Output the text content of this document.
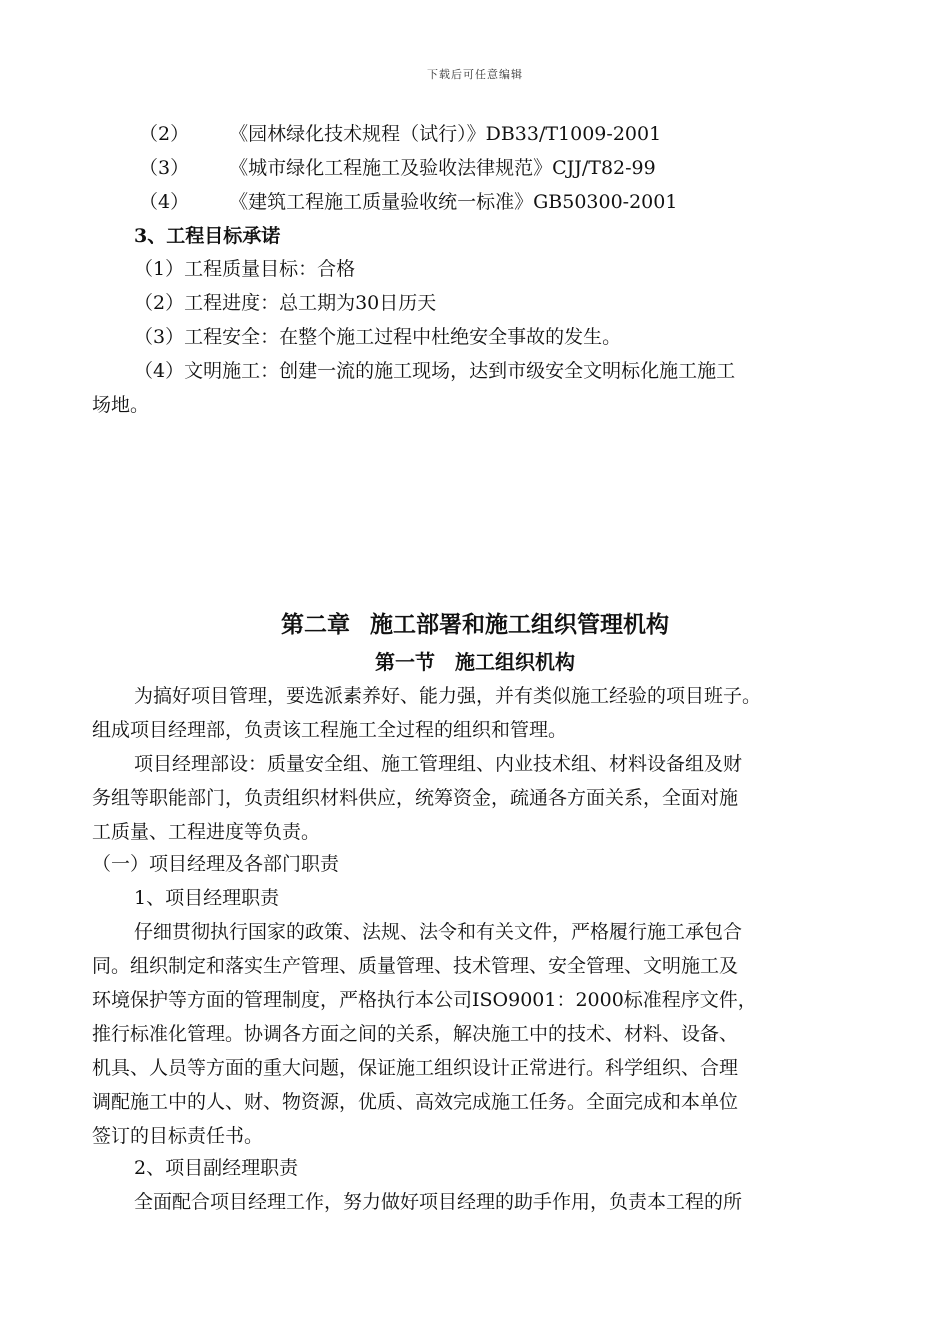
下载后可任意编辑
（2） 《园林绿化技术规程（试行）》DB33/T1009-2001
（3） 《城市绿化工程施工及验收法律规范》CJJ/T82-99
（4） 《建筑工程施工质量验收统一标准》GB50300-2001
3、工程目标承诺
（1）工程质量目标：合格
（2）工程进度：总工期为30日历天
（3）工程安全：在整个施工过程中杜绝安全事故的发生。
（4）文明施工：创建一流的施工现场，达到市级安全文明标化施工施工
场地。
第二章 施工部署和施工组织管理机构
第一节 施工组织机构
为搞好项目管理，要选派素养好、能力强，并有类似施工经验的项目班子。
组成项目经理部，负责该工程施工全过程的组织和管理。
项目经理部设：质量安全组、施工管理组、内业技术组、材料设备组及财
务组等职能部门，负责组织材料供应，统筹资金，疏通各方面关系，全面对施
工质量、工程进度等负责。
（一）项目经理及各部门职责
1、项目经理职责
仔细贯彻执行国家的政策、法规、法令和有关文件，严格履行施工承包合
同。组织制定和落实生产管理、质量管理、技术管理、安全管理、文明施工及
环境保护等方面的管理制度，严格执行本公司ISO9001：2000标准程序文件，
推行标准化管理。协调各方面之间的关系，解决施工中的技术、材料、设备、
机具、人员等方面的重大问题，保证施工组织设计正常进行。科学组织、合理
调配施工中的人、财、物资源，优质、高效完成施工任务。全面完成和本单位
签订的目标责任书。
2、项目副经理职责
全面配合项目经理工作，努力做好项目经理的助手作用，负责本工程的所
